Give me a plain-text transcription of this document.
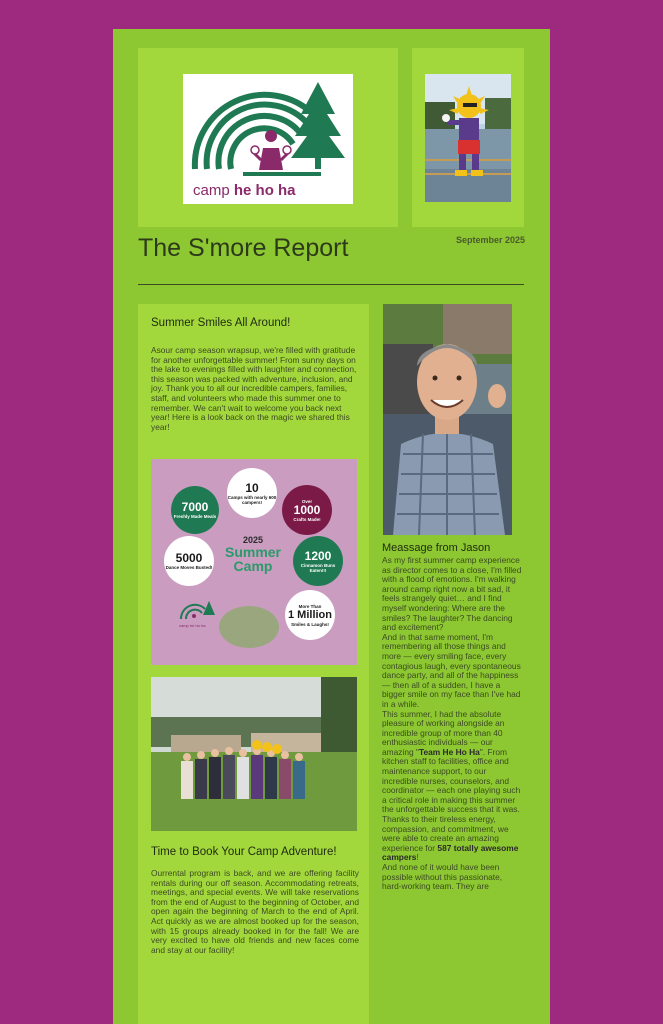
camp he ho ha
The S'more Report	September 2025
Summer Smiles All Around!

Asour camp season wrapsup, we're filled with gratitude for another unforgettable summer! From sunny days on the lake to evenings filled with laughter and connection, this season was packed with adventure, inclusion, and joy. Thank you to all our incredible campers, families, staff, and volunteers who made this summer one to remember. We can't wait to welcome you back next year! Here is a look back on the magic we shared this year!

10
Camps with nearly 600 campers!
7000
Freshly Made Meals
Over
1000
Crafts Made!
2025
Summer
Camp
5000
Dance Moves Busted!
1200
Cinnamon Buns Eaten!!!
More Than
1 Million
Smiles & Laughs!
camp he ho ha
Time to Book Your Camp Adventure!

Ourrental program is back, and we are offering facility rentals during our off season. Accommodating retreats, meetings, and special events. We will take reservations from the end of August to the beginning of October, and open again the beginning of March to the end of April. Act quickly as we are almost booked up for the season, with 15 groups already booked in for the fall! We are very excited to have old friends and new faces come and stay at our facility!

Meassage from Jason

As my first summer camp experience as director comes to a close, I'm filled with a flood of emotions. I'm walking around camp right now a bit sad, it feels strangely quiet… and I find myself wondering: Where are the smiles? The laughter? The dancing and excitement?

And in that same moment, I'm remembering all those things and more — every smiling face, every contagious laugh, every spontaneous dance party, and all of the happiness — then all of a sudden, I have a bigger smile on my face than I've had in a while.

This summer, I had the absolute pleasure of working alongside an incredible group of more than 40 enthusiastic individuals — our amazing "Team He Ho Ha". From kitchen staff to facilities, office and maintenance support, to our incredible nurses, counselors, and coordinator — each one playing such a critical role in making this summer the unforgettable success that it was.

Thanks to their tireless energy, compassion, and commitment, we were able to create an amazing experience for 587 totally awesome campers!

And none of it would have been possible without this passionate, hard-working team. They are
